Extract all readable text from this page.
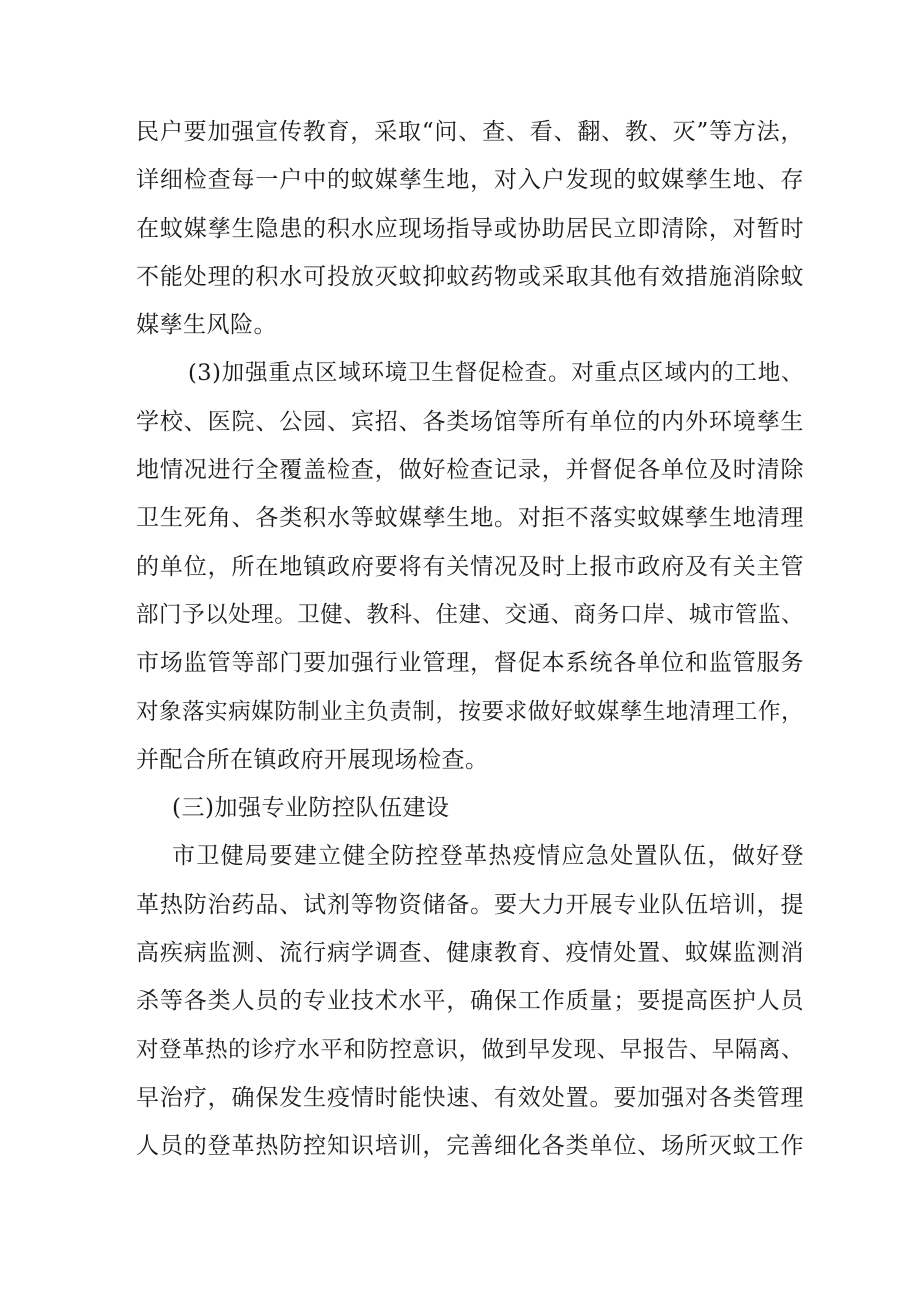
民户要加强宣传教育，采取“问、查、看、翻、教、灭”等方法，
详细检查每一户中的蚊媒孳生地，对入户发现的蚊媒孳生地、存
在蚊媒孳生隐患的积水应现场指导或协助居民立即清除，对暂时
不能处理的积水可投放灭蚊抑蚊药物或采取其他有效措施消除蚊
媒孳生风险。
(3)加强重点区域环境卫生督促检查。对重点区域内的工地、
学校、医院、公园、宾招、各类场馆等所有单位的内外环境孳生
地情况进行全覆盖检查，做好检查记录，并督促各单位及时清除
卫生死角、各类积水等蚊媒孳生地。对拒不落实蚊媒孳生地清理
的单位，所在地镇政府要将有关情况及时上报市政府及有关主管
部门予以处理。卫健、教科、住建、交通、商务口岸、城市管监、
市场监管等部门要加强行业管理，督促本系统各单位和监管服务
对象落实病媒防制业主负责制，按要求做好蚊媒孳生地清理工作，
并配合所在镇政府开展现场检查。
(三)加强专业防控队伍建设
市卫健局要建立健全防控登革热疫情应急处置队伍，做好登
革热防治药品、试剂等物资储备。要大力开展专业队伍培训，提
高疾病监测、流行病学调查、健康教育、疫情处置、蚊媒监测消
杀等各类人员的专业技术水平，确保工作质量；要提高医护人员
对登革热的诊疗水平和防控意识，做到早发现、早报告、早隔离、
早治疗，确保发生疫情时能快速、有效处置。要加强对各类管理
人员的登革热防控知识培训，完善细化各类单位、场所灭蚊工作
